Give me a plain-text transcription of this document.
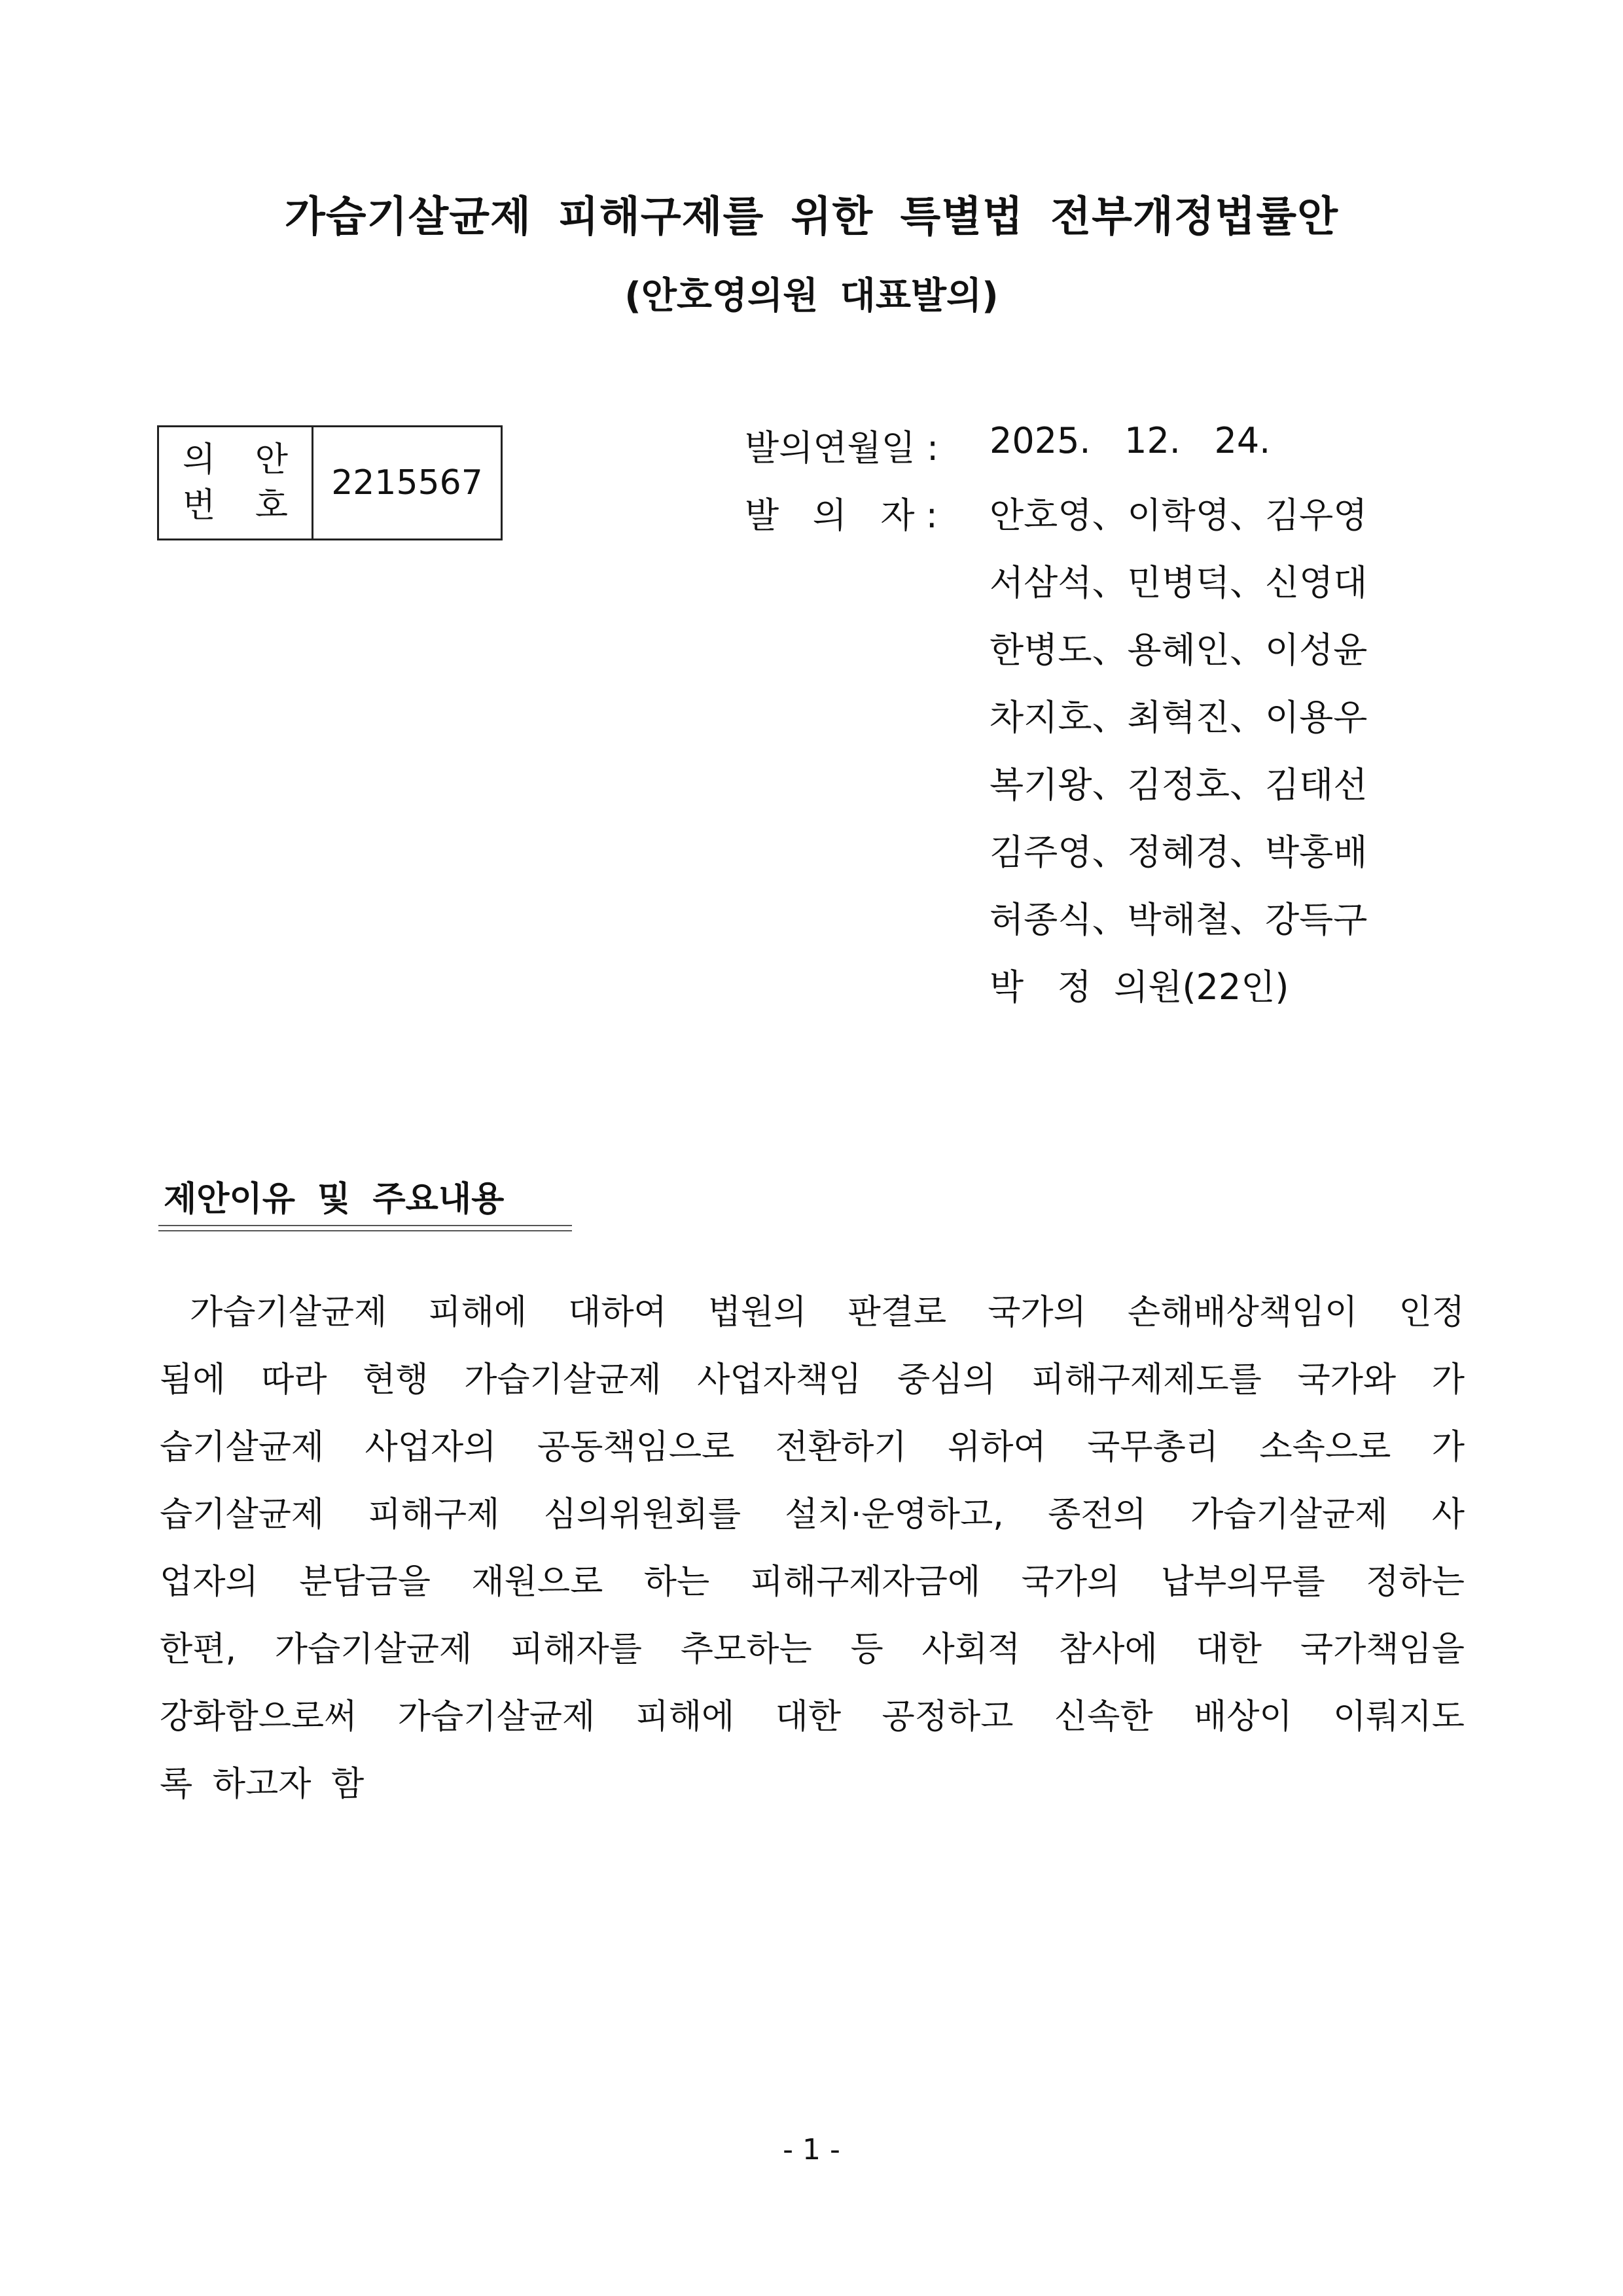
가습기살균제 피해구제를 위한 특별법 전부개정법률안
(안호영의원 대표발의)
의 안
번 호
2215567
발의연월일 : 2025.   12.   24.
발   의   자 : 안호영、이학영、김우영
서삼석、민병덕、신영대
한병도、용혜인、이성윤
차지호、최혁진、이용우
복기왕、김정호、김태선
김주영、정혜경、박홍배
허종식、박해철、강득구
박   정  의원(22인)
제안이유 및 주요내용
가습기살균제 피해에 대하여 법원의 판결로 국가의 손해배상책임이 인정
됨에 따라 현행 가습기살균제 사업자책임 중심의 피해구제제도를 국가와 가
습기살균제 사업자의 공동책임으로 전환하기 위하여 국무총리 소속으로 가
습기살균제 피해구제 심의위원회를 설치·운영하고, 종전의 가습기살균제 사
업자의 분담금을 재원으로 하는 피해구제자금에 국가의 납부의무를 정하는
한편, 가습기살균제 피해자를 추모하는 등 사회적 참사에 대한 국가책임을
강화함으로써 가습기살균제 피해에 대한 공정하고 신속한 배상이 이뤄지도
록 하고자 함
- 1 -
